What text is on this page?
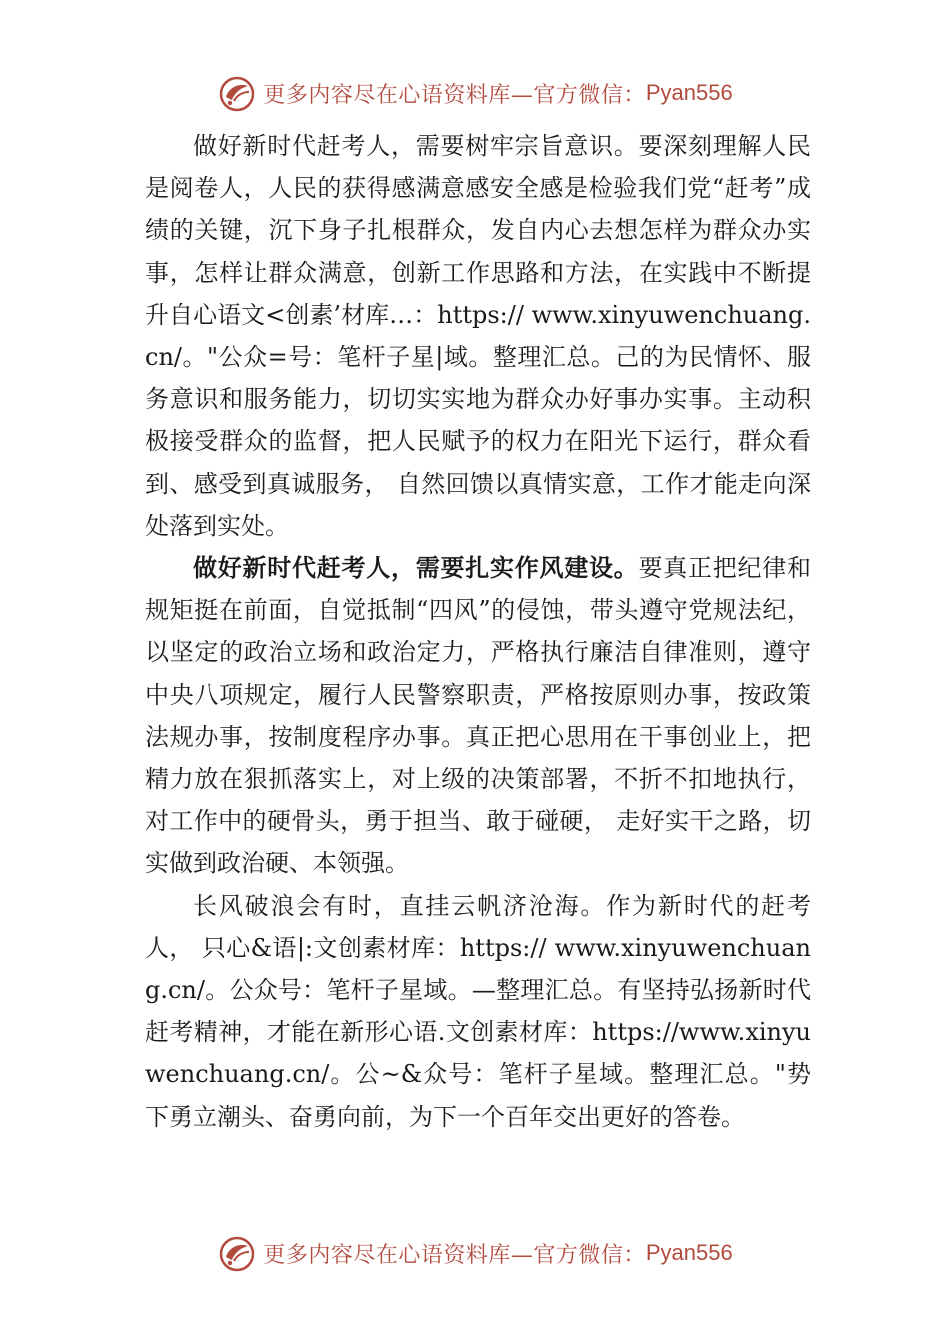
更多内容尽在心语资料库—官方微信： Pyan556

做好新时代赶考人，需要树牢宗旨意识。要深刻理解人民是阅卷人，人民的获得感满意感安全感是检验我们党“赶考”成绩的关键，沉下身子扎根群众，发自内心去想怎样为群众办实事，怎样让群众满意，创新工作思路和方法，在实践中不断提升自心语文<创素’材库…：https:// www.xinyuwenchuang.cn/。"公众=号：笔杆子星|域。整理汇总。己的为民情怀、服务意识和服务能力，切切实实地为群众办好事办实事。主动积极接受群众的监督，把人民赋予的权力在阳光下运行，群众看到、感受到真诚服务， 自然回馈以真情实意，工作才能走向深处落到实处。

做好新时代赶考人，需要扎实作风建设。要真正把纪律和规矩挺在前面，自觉抵制“四风”的侵蚀，带头遵守党规法纪，以坚定的政治立场和政治定力，严格执行廉洁自律准则，遵守中央八项规定，履行人民警察职责，严格按原则办事，按政策法规办事，按制度程序办事。真正把心思用在干事创业上，把精力放在狠抓落实上，对上级的决策部署，不折不扣地执行，对工作中的硬骨头，勇于担当、敢于碰硬， 走好实干之路，切实做到政治硬、本领强。

长风破浪会有时，直挂云帆济沧海。作为新时代的赶考人， 只心&语|:文创素材库：https:// www.xinyuwenchuang.cn/。公众号：笔杆子星域。—整理汇总。有坚持弘扬新时代赶考精神，才能在新形心语.文创素材库：https://www.xinyuwenchuang.cn/。公~&众号：笔杆子星域。整理汇总。"势下勇立潮头、奋勇向前，为下一个百年交出更好的答卷。

更多内容尽在心语资料库—官方微信： Pyan556
